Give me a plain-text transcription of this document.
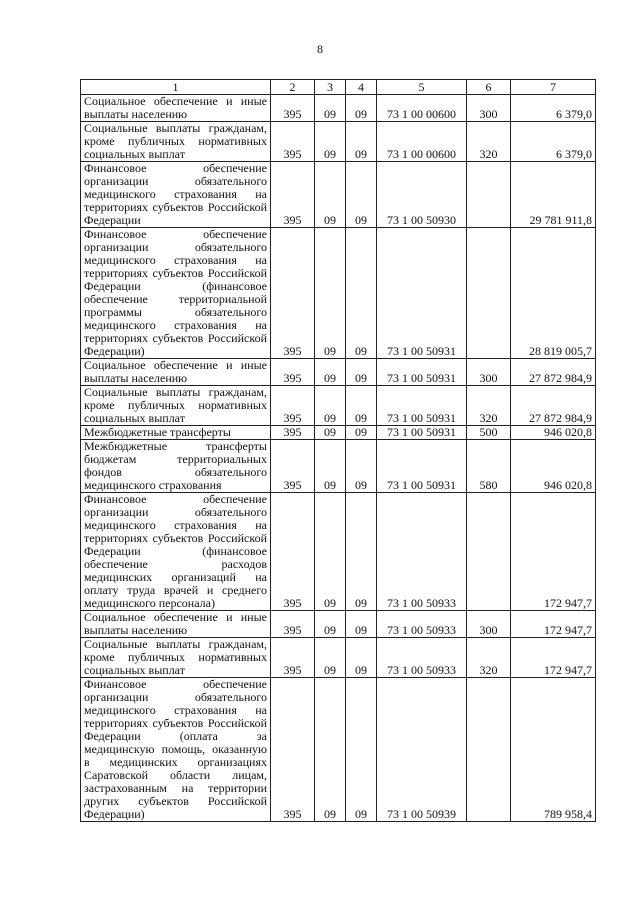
8
1	2	3	4	5	6	7
Социальное обеспечение и иные выплаты населению	395	09	09	73 1 00 00600	300	6 379,0
Социальные выплаты гражданам, кроме публичных нормативных социальных выплат	395	09	09	73 1 00 00600	320	6 379,0
Финансовое обеспечение организации обязательного медицинского страхования на территориях субъектов Российской Федерации	395	09	09	73 1 00 50930		29 781 911,8
Финансовое обеспечение организации обязательного медицинского страхования на территориях субъектов Российской Федерации (финансовое обеспечение территориальной программы обязательного медицинского страхования на территориях субъектов Российской Федерации)	395	09	09	73 1 00 50931		28 819 005,7
Социальное обеспечение и иные выплаты населению	395	09	09	73 1 00 50931	300	27 872 984,9
Социальные выплаты гражданам, кроме публичных нормативных социальных выплат	395	09	09	73 1 00 50931	320	27 872 984,9
Межбюджетные трансферты	395	09	09	73 1 00 50931	500	946 020,8
Межбюджетные трансферты бюджетам территориальных фондов обязательного медицинского страхования	395	09	09	73 1 00 50931	580	946 020,8
Финансовое обеспечение организации обязательного медицинского страхования на территориях субъектов Российской Федерации (финансовое обеспечение расходов медицинских организаций на оплату труда врачей и среднего медицинского персонала)	395	09	09	73 1 00 50933		172 947,7
Социальное обеспечение и иные выплаты населению	395	09	09	73 1 00 50933	300	172 947,7
Социальные выплаты гражданам, кроме публичных нормативных социальных выплат	395	09	09	73 1 00 50933	320	172 947,7
Финансовое обеспечение организации обязательного медицинского страхования на территориях субъектов Российской Федерации (оплата за медицинскую помощь, оказанную в медицинских организациях Саратовской области лицам, застрахованным на территории других субъектов Российской Федерации)	395	09	09	73 1 00 50939		789 958,4
